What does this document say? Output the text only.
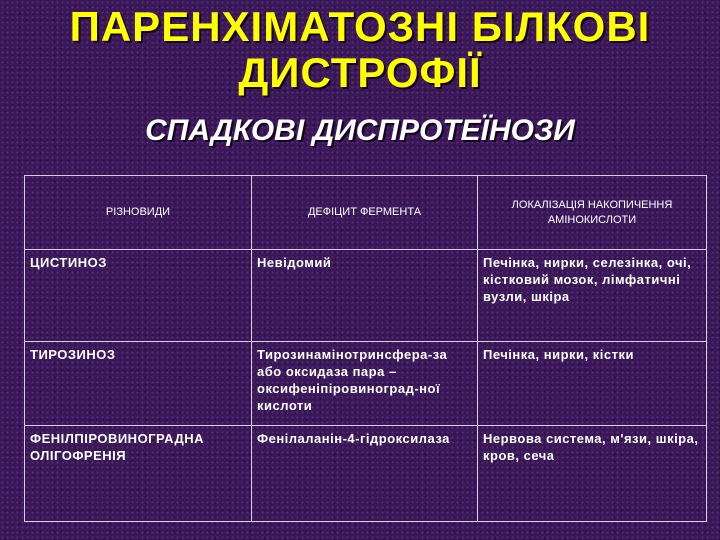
ПАРЕНХІМАТОЗНІ БІЛКОВІ
ДИСТРОФІЇ
СПАДКОВІ ДИСПРОТЕЇНОЗИ
РІЗНОВИДИ	ДЕФІЦИТ ФЕРМЕНТА	ЛОКАЛІЗАЦІЯ НАКОПИЧЕННЯ АМІНОКИСЛОТИ
ЦИСТИНОЗ	Невідомий	Печінка, нирки, селезінка, очі, кістковий мозок, лімфатичні вузли, шкіра
ТИРОЗИНОЗ	Тирозинамінотринсфера-за або оксидаза пара – оксифеніпіровиноград-ної кислоти	Печінка, нирки, кістки
ФЕНІЛПІРОВИНОГРАДНА ОЛІГОФРЕНІЯ	Фенілаланін-4-гідроксилаза	Нервова система, м'язи, шкіра, кров, сеча
